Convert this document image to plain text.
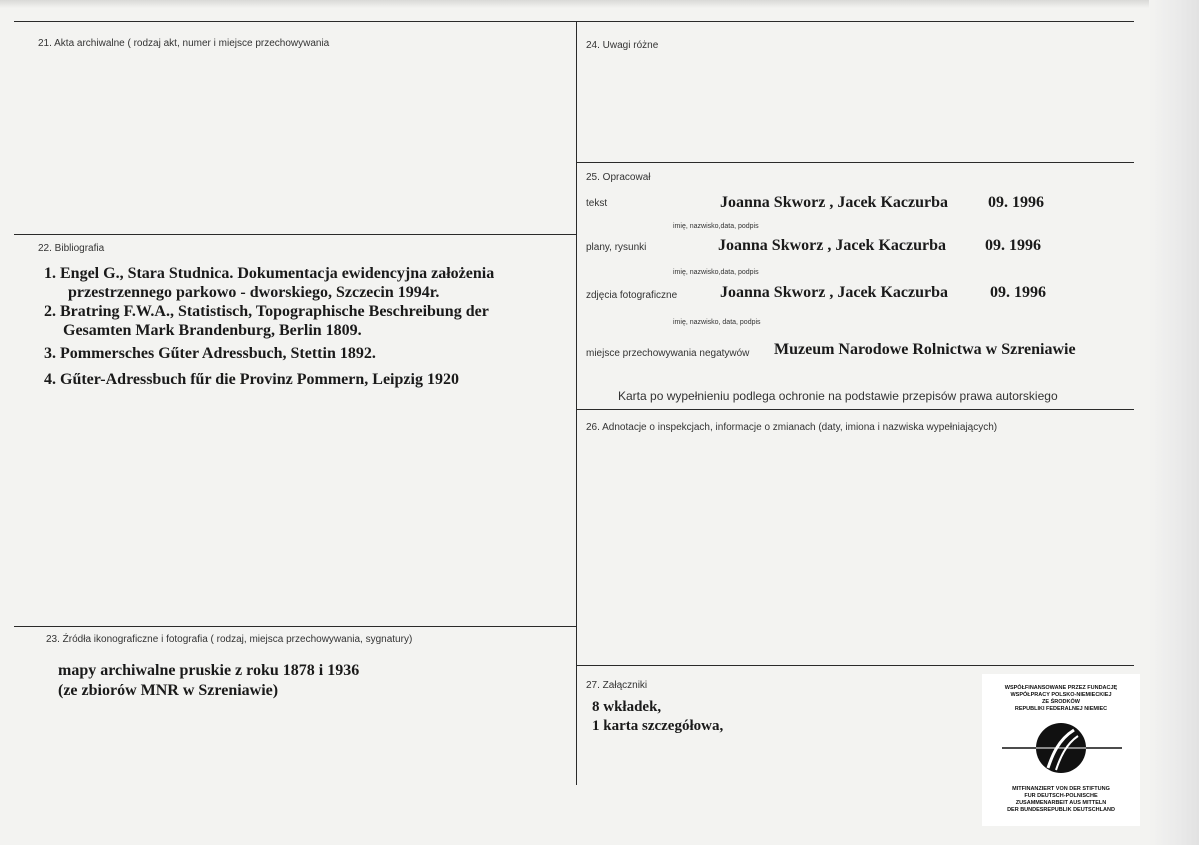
21. Akta archiwalne ( rodzaj akt, numer i miejsce przechowywania
22. Bibliografia
1. Engel G., Stara Studnica. Dokumentacja ewidencyjna założenia
przestrzennego parkowo - dworskiego, Szczecin 1994r.
2. Bratring F.W.A., Statistisch, Topographische Beschreibung der
Gesamten Mark Brandenburg, Berlin 1809.
3. Pommersches Gűter Adressbuch, Stettin 1892.
4. Gűter-Adressbuch fűr die Provinz Pommern, Leipzig 1920
23. Źródła ikonograficzne i fotografia ( rodzaj, miejsca przechowywania, sygnatury)
mapy archiwalne pruskie z roku 1878 i 1936
(ze zbiorów MNR w Szreniawie)
24. Uwagi różne
25. Opracował
tekst	Joanna Skworz , Jacek Kaczurba	09. 1996
imię, nazwisko,data, podpis
plany, rysunki	Joanna Skworz , Jacek Kaczurba 09. 1996
imię, nazwisko,data, podpis
zdjęcia fotograficzne	Joanna Skworz , Jacek Kaczurba	09. 1996
imię, nazwisko, data, podpis
miejsce przechowywania negatywów Muzeum Narodowe Rolnictwa w Szreniawie
Karta po wypełnieniu podlega ochronie na podstawie przepisów prawa autorskiego
26. Adnotacje o inspekcjach, informacje o zmianach (daty, imiona i nazwiska wypełniających)
27. Załączniki
8 wkładek,
1 karta szczegółowa,
WSPÓŁFINANSOWANE PRZEZ FUNDACJĘ
WSPÓŁPRACY POLSKO-NIEMIECKIEJ
ZE ŚRODKÓW
REPUBLIKI FEDERALNEJ NIEMIEC
MITFINANZIERT VON DER STIFTUNG
FUR DEUTSCH-POLNISCHE
ZUSAMMENARBEIT AUS MITTELN
DER BUNDESREPUBLIK DEUTSCHLAND
